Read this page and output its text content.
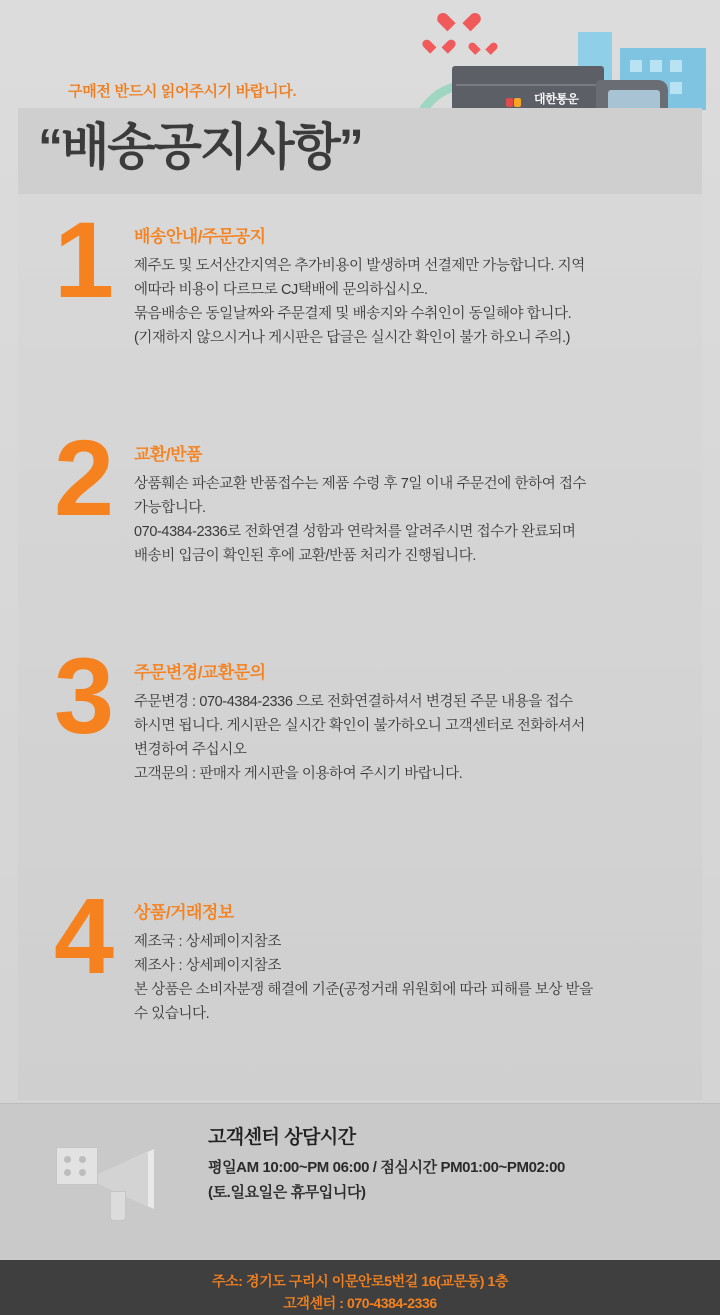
대한통운

구매전 반드시 읽어주시기 바랍니다.
“배송공지사항”
1	배송안내/주문공지
제주도 및 도서산간지역은 추가비용이 발생하며 선결제만 가능합니다. 지역
에따라 비용이 다르므로 CJ택배에 문의하십시오.
묶음배송은 동일날짜와 주문결제 및 배송지와 수취인이 동일해야 합니다.
(기재하지 않으시거나 게시판은 답글은 실시간 확인이 불가 하오니 주의.)
2	교환/반품
상품훼손 파손교환 반품접수는 제품 수령 후 7일 이내 주문건에 한하여 접수
가능합니다.
070-4384-2336로 전화연결 성함과 연락처를 알려주시면 접수가 완료되며
배송비 입금이 확인된 후에 교환/반품 처리가 진행됩니다.
3	주문변경/교환문의
주문변경 : 070-4384-2336 으로 전화연결하셔서 변경된 주문 내용을 접수
하시면 됩니다. 게시판은 실시간 확인이 불가하오니 고객센터로 전화하셔서
변경하여 주십시오
고객문의 : 판매자 게시판을 이용하여 주시기 바랍니다.
4	상품/거래정보
제조국 : 상세페이지참조
제조사 : 상세페이지참조
본 상품은 소비자분쟁 해결에 기준(공정거래 위원회에 따라 피해를 보상 받을
수 있습니다.
고객센터 상담시간
평일AM 10:00~PM 06:00 / 점심시간 PM01:00~PM02:00
(토.일요일은 휴무입니다)
주소: 경기도 구리시 이문안로5번길 16(교문동) 1층
고객센터 : 070-4384-2336
